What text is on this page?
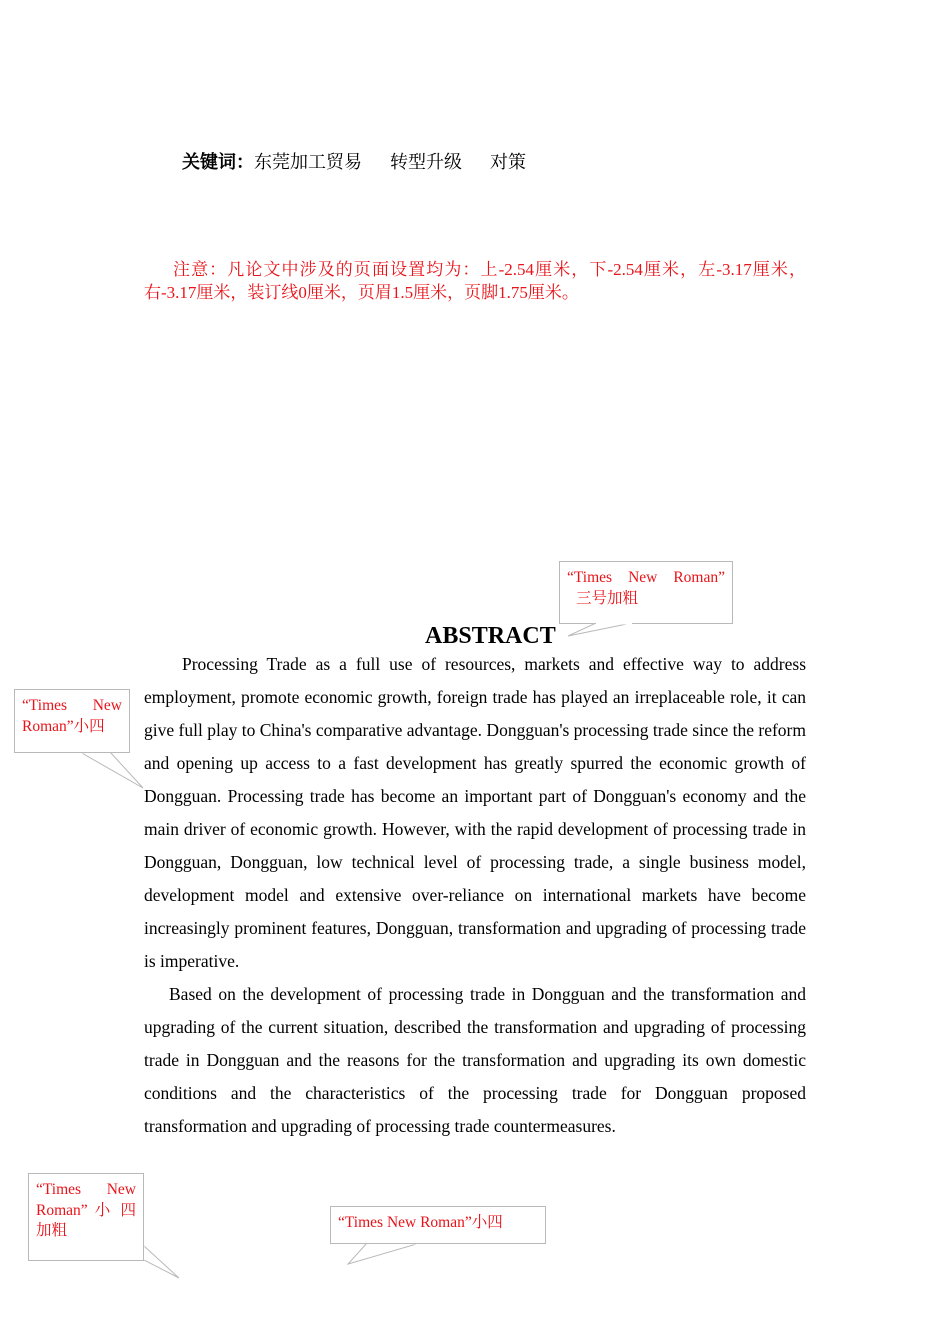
关键词：东莞加工贸易 转型升级 对策
注意：凡论文中涉及的页面设置均为：上-2.54厘米，下-2.54厘米，左-3.17厘米，右-3.17厘米，装订线0厘米，页眉1.5厘米，页脚1.75厘米。
ABSTRACT

Processing Trade as a full use of resources, markets and effective way to address employment, promote economic growth, foreign trade has played an irreplaceable role, it can give full play to China's comparative advantage. Dongguan's processing trade since the reform and opening up access to a fast development has greatly spurred the economic growth of Dongguan. Processing trade has become an important part of Dongguan's economy and the main driver of economic growth. However, with the rapid development of processing trade in Dongguan, Dongguan, low technical level of processing trade, a single business model, development model and extensive over-reliance on international markets have become increasingly prominent features, Dongguan, transformation and upgrading of processing trade is imperative.

Based on the development of processing trade in Dongguan and the transformation and upgrading of the current situation, described the transformation and upgrading of processing trade in Dongguan and the reasons for the transformation and upgrading its own domestic conditions and the characteristics of the processing trade for Dongguan proposed transformation and upgrading of processing trade countermeasures.

“Times New Roman”
三号加粗
“Times New
Roman”小四
“Times New
Roman” 小 四
加粗	“Times New Roman”小四
